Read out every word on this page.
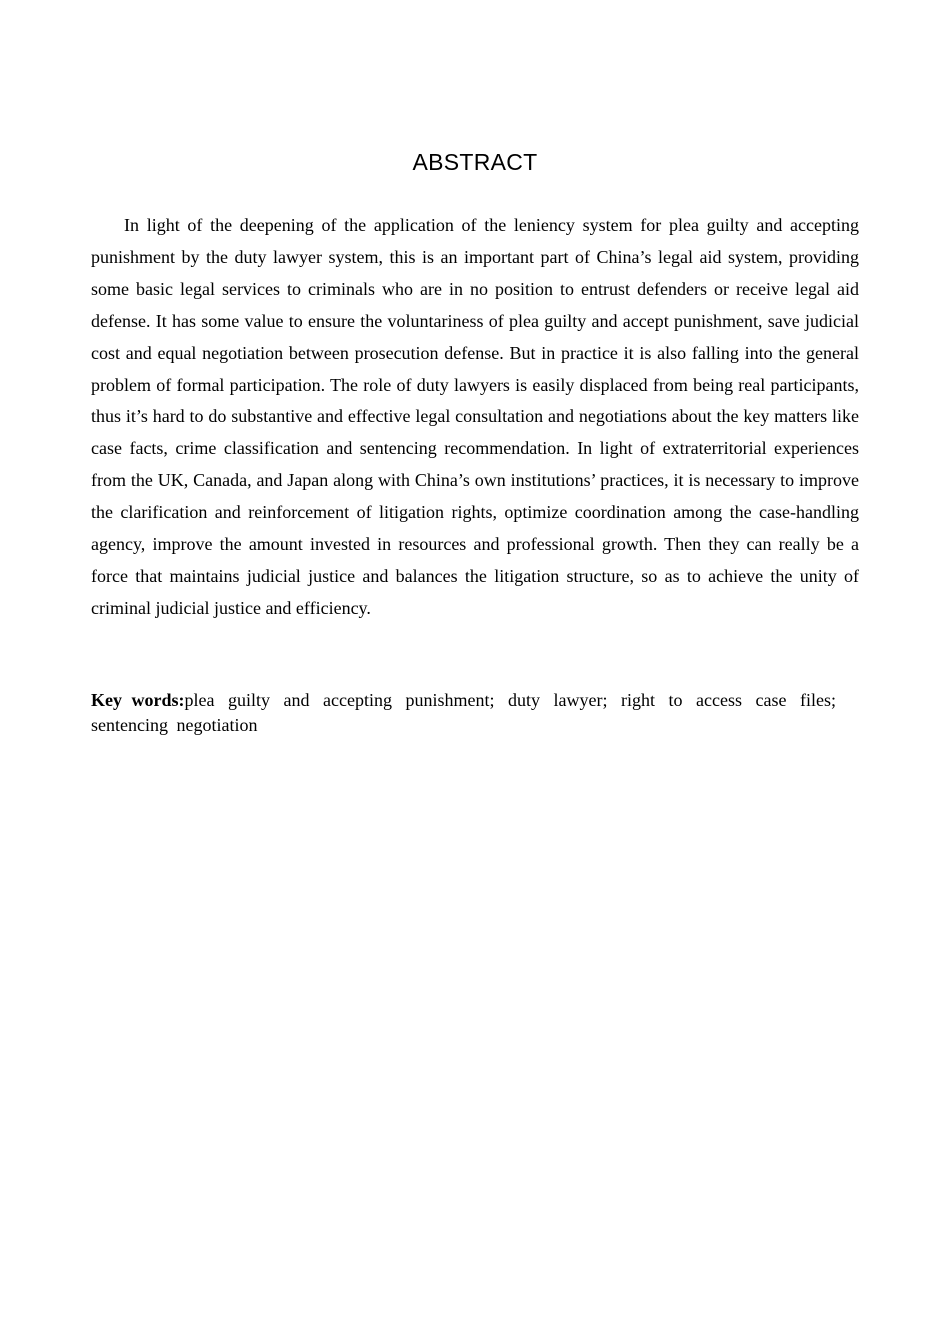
ABSTRACT

In light of the deepening of the application of the leniency system for plea guilty and accepting punishment by the duty lawyer system, this is an important part of China’s legal aid system, providing some basic legal services to criminals who are in no position to entrust defenders or receive legal aid defense. It has some value to ensure the voluntariness of plea guilty and accept punishment, save judicial cost and equal negotiation between prosecution defense. But in practice it is also falling into the general problem of formal participation. The role of duty lawyers is easily displaced from being real participants, thus it’s hard to do substantive and effective legal consultation and negotiations about the key matters like case facts, crime classification and sentencing recommendation. In light of extraterritorial experiences from the UK, Canada, and Japan along with China’s own institutions’ practices, it is necessary to improve the clarification and reinforcement of litigation rights, optimize coordination among the case-handling agency, improve the amount invested in resources and professional growth. Then they can really be a force that maintains judicial justice and balances the litigation structure, so as to achieve the unity of criminal judicial justice and efficiency.

Key words:plea guilty and accepting punishment; duty lawyer; right to access case files; sentencing negotiation
